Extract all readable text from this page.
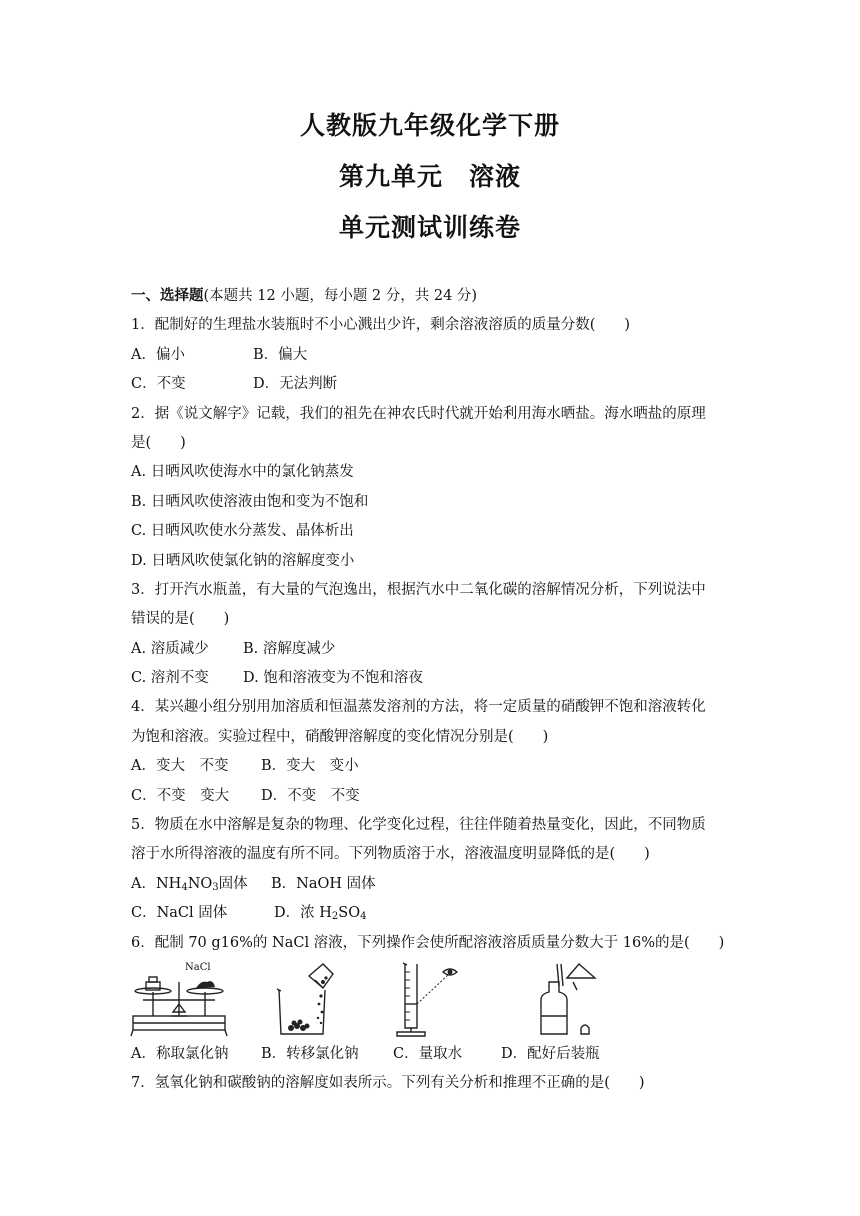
人教版九年级化学下册
第九单元　溶液
单元测试训练卷
一、选择题(本题共 12 小题，每小题 2 分，共 24 分)
1．配制好的生理盐水装瓶时不小心溅出少许，剩余溶液溶质的质量分数(　　)
A．偏小	B．偏大
C．不变	D．无法判断
2．据《说文解字》记载，我们的祖先在神农氏时代就开始利用海水晒盐。海水晒盐的原理
是(　　)
A. 日晒风吹使海水中的氯化钠蒸发
B. 日晒风吹使溶液由饱和变为不饱和
C. 日晒风吹使水分蒸发、晶体析出
D. 日晒风吹使氯化钠的溶解度变小
3．打开汽水瓶盖，有大量的气泡逸出，根据汽水中二氧化碳的溶解情况分析，下列说法中
错误的是(　　)
A. 溶质减少 B. 溶解度减少
C. 溶剂不变 D. 饱和溶液变为不饱和溶夜
4．某兴趣小组分别用加溶质和恒温蒸发溶剂的方法，将一定质量的硝酸钾不饱和溶液转化
为饱和溶液。实验过程中，硝酸钾溶解度的变化情况分别是(　　)
A．变大　不变 B．变大　变小
C．不变　变大 D．不变　不变
5．物质在水中溶解是复杂的物理、化学变化过程，往往伴随着热量变化，因此，不同物质
溶于水所得溶液的温度有所不同。下列物质溶于水，溶液温度明显降低的是(　　)
A．$NH_4NO_3$固体 B．NaOH 固体
C．NaCl 固体	D．浓 $H_2SO_4$
6．配制 70 g16%的 NaCl 溶液，下列操作会使所配溶液溶质质量分数大于 16%的是(　　)
NaCl
A．称取氯化钠 B．转移氯化钠 C．量取水	D．配好后装瓶
7．氢氧化钠和碳酸钠的溶解度如表所示。下列有关分析和推理不正确的是(　　)
